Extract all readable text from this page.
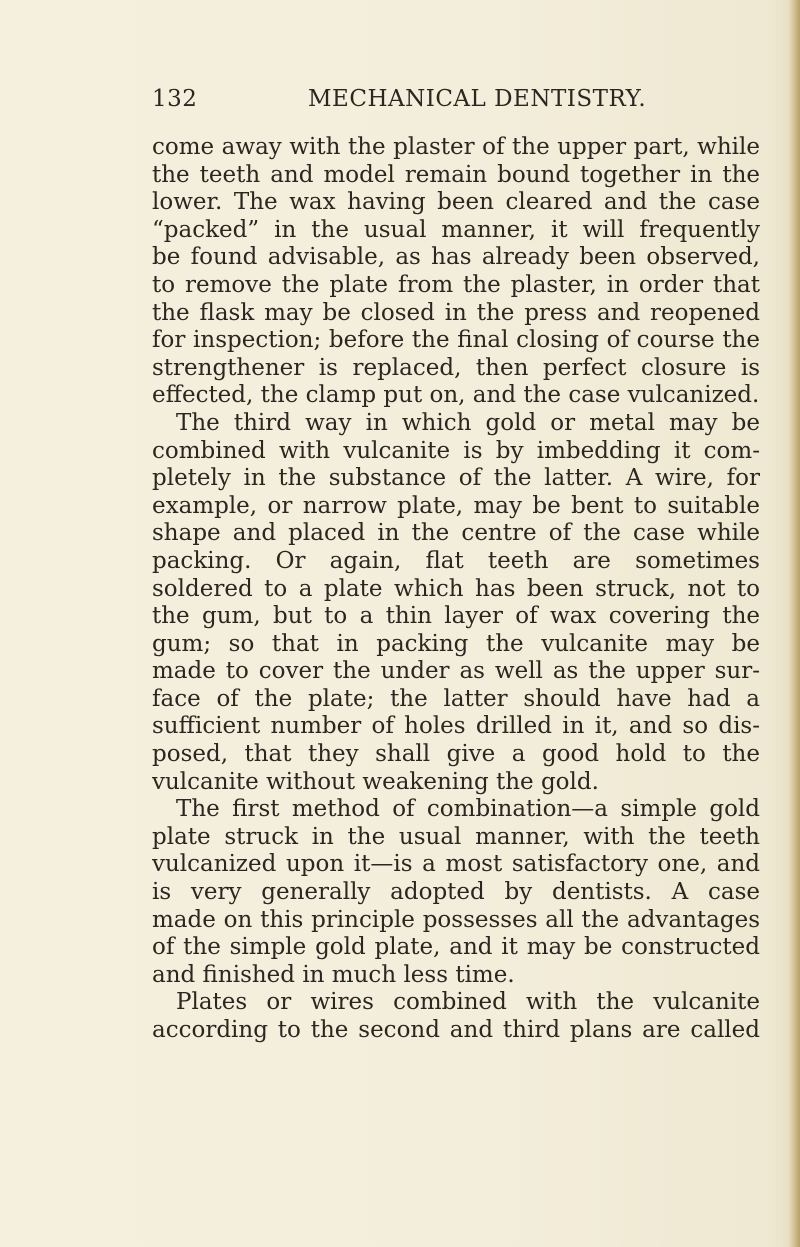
132	MECHANICAL DENTISTRY.
come away with the plaster of the upper part, while
the teeth and model remain bound together in the
lower. The wax having been cleared and the case
“packed” in the usual manner, it will frequently
be found advisable, as has already been observed,
to remove the plate from the plaster, in order that
the flask may be closed in the press and reopened
for inspection; before the final closing of course the
strengthener is replaced, then perfect closure is
effected, the clamp put on, and the case vulcanized.
The third way in which gold or metal may be
combined with vulcanite is by imbedding it com-
pletely in the substance of the latter. A wire, for
example, or narrow plate, may be bent to suitable
shape and placed in the centre of the case while
packing. Or again, flat teeth are sometimes
soldered to a plate which has been struck, not to
the gum, but to a thin layer of wax covering the
gum; so that in packing the vulcanite may be
made to cover the under as well as the upper sur-
face of the plate; the latter should have had a
sufficient number of holes drilled in it, and so dis-
posed, that they shall give a good hold to the
vulcanite without weakening the gold.
The first method of combination—a simple gold
plate struck in the usual manner, with the teeth
vulcanized upon it—is a most satisfactory one, and
is very generally adopted by dentists. A case
made on this principle possesses all the advantages
of the simple gold plate, and it may be constructed
and finished in much less time.
Plates or wires combined with the vulcanite
according to the second and third plans are called
